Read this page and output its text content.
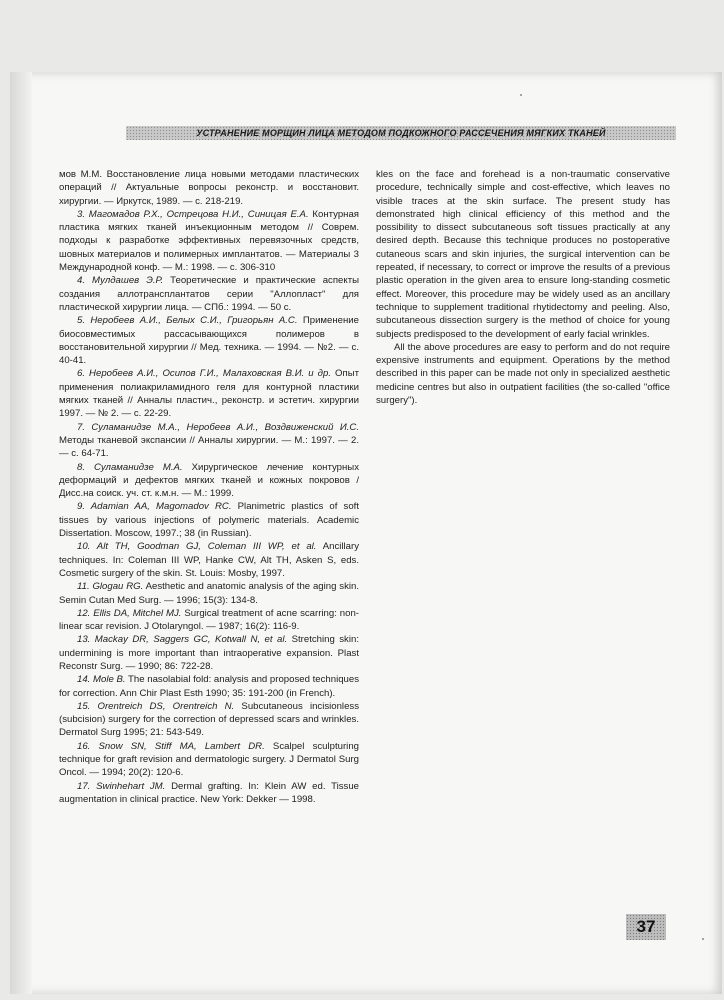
УСТРАНЕНИЕ МОРЩИН ЛИЦА МЕТОДОМ ПОДКОЖНОГО РАССЕЧЕНИЯ МЯГКИХ ТКАНЕЙ

мов М.М. Восстановление лица новыми методами пластических операций // Актуальные вопросы реконстр. и восстановит. хирургии. — Иркутск, 1989. — с. 218-219.

3. Магомадов Р.Х., Острецова Н.И., Синицая Е.А. Контурная пластика мягких тканей инъекционным методом // Соврем. подходы к разработке эффективных перевязочных средств, шовных материалов и полимерных имплантатов. — Материалы 3 Международной конф. — М.: 1998. — с. 306-310

4. Мулдашев Э.Р. Теоретические и практические аспекты создания аллотрансплантатов серии "Аллопласт" для пластической хирургии лица. — СПб.: 1994. — 50 с.

5. Неробеев А.И., Белых С.И., Григорьян А.С. Применение биосовместимых рассасывающихся полимеров в восстановительной хирургии // Мед. техника. — 1994. — №2. — с. 40-41.

6. Неробеев А.И., Осипов Г.И., Малаховская В.И. и др. Опыт применения полиакриламидного геля для контурной пластики мягких тканей // Анналы пластич., реконстр. и эстетич. хирургии 1997. — № 2. — с. 22-29.

7. Суламанидзе М.А., Неробеев А.И., Воздвиженский И.С. Методы тканевой экспансии // Анналы хирургии. — М.: 1997. — 2. — с. 64-71.

8. Суламанидзе М.А. Хирургическое лечение контурных деформаций и дефектов мягких тканей и кожных покровов / Дисс.на соиск. уч. ст. к.м.н. — М.: 1999.

9. Adamian AA, Magomadov RC. Planimetric plastics of soft tissues by various injections of polymeric materials. Academic Dissertation. Moscow, 1997.; 38 (in Russian).

10. Alt TH, Goodman GJ, Coleman III WP, et al. Ancillary techniques. In: Coleman III WP, Hanke CW, Alt TH, Asken S, eds. Cosmetic surgery of the skin. St. Louis: Mosby, 1997.

11. Glogau RG. Aesthetic and anatomic analysis of the aging skin. Semin Cutan Med Surg. — 1996; 15(3): 134-8.

12. Ellis DA, Mitchel MJ. Surgical treatment of acne scarring: non-linear scar revision. J Otolaryngol. — 1987; 16(2): 116-9.

13. Mackay DR, Saggers GC, Kotwall N, et al. Stretching skin: undermining is more important than intraoperative expansion. Plast Reconstr Surg. — 1990; 86: 722-28.

14. Mole B. The nasolabial fold: analysis and proposed techniques for correction. Ann Chir Plast Esth 1990; 35: 191-200 (in French).

15. Orentreich DS, Orentreich N. Subcutaneous incisionless (subcision) surgery for the correction of depressed scars and wrinkles. Dermatol Surg 1995; 21: 543-549.

16. Snow SN, Stiff MA, Lambert DR. Scalpel sculpturing technique for graft revision and dermatologic surgery. J Dermatol Surg Oncol. — 1994; 20(2): 120-6.

17. Swinhehart JM. Dermal grafting. In: Klein AW ed. Tissue augmentation in clinical practice. New York: Dekker — 1998.

kles on the face and forehead is a non-traumatic conservative procedure, technically simple and cost-effective, which leaves no visible traces at the skin surface. The present study has demonstrated high clinical efficiency of this method and the possibility to dissect subcutaneous soft tissues practically at any desired depth. Because this technique produces no postoperative cutaneous scars and skin injuries, the surgical intervention can be repeated, if necessary, to correct or improve the results of a previous plastic operation in the given area to ensure long-standing cosmetic effect. Moreover, this procedure may be widely used as an ancillary technique to supplement traditional rhytidectomy and peeling. Also, subcutaneous dissection surgery is the method of choice for young subjects predisposed to the development of early facial wrinkles.

All the above procedures are easy to perform and do not require expensive instruments and equipment. Operations by the method described in this paper can be made not only in specialized aesthetic medicine centres but also in outpatient facilities (the so-called "office surgery").

37
